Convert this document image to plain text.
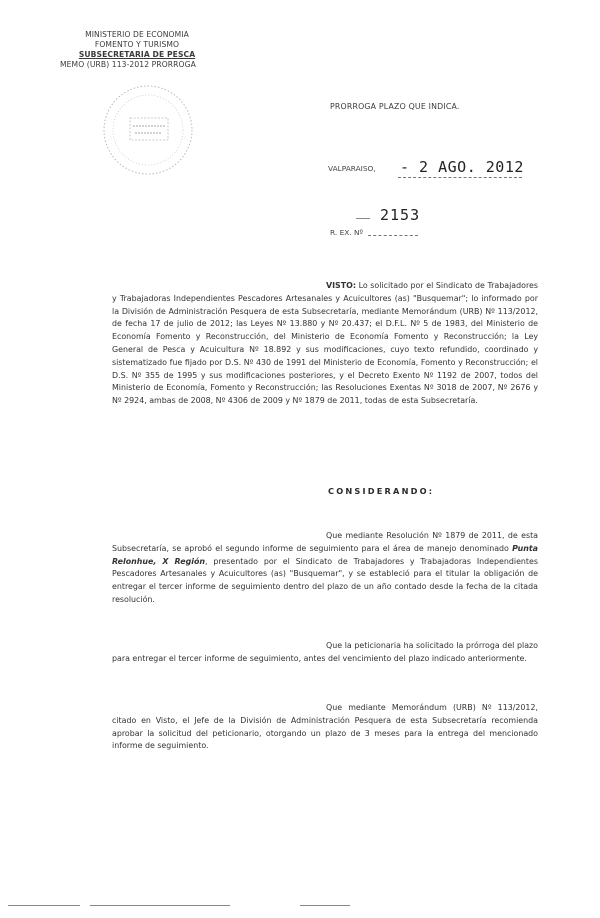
MINISTERIO DE ECONOMIA
FOMENTO Y TURISMO
SUBSECRETARIA DE PESCA
MEMO (URB) 113-2012 PRORROGA
PRORROGA PLAZO QUE INDICA.
VALPARAISO, - 2 AGO. 2012
2153
R. EX. Nº
VISTO: Lo solicitado por el Sindicato de Trabajadores y Trabajadoras Independientes Pescadores Artesanales y Acuicultores (as) "Busquemar"; lo informado por la División de Administración Pesquera de esta Subsecretaría, mediante Memorándum (URB) Nº 113/2012, de fecha 17 de julio de 2012; las Leyes Nº 13.880 y Nº 20.437; el D.F.L. Nº 5 de 1983, del Ministerio de Economía Fomento y Reconstrucción, del Ministerio de Economía Fomento y Reconstrucción; la Ley General de Pesca y Acuicultura Nº 18.892 y sus modificaciones, cuyo texto refundido, coordinado y sistematizado fue fijado por D.S. Nº 430 de 1991 del Ministerio de Economía, Fomento y Reconstrucción; el D.S. Nº 355 de 1995 y sus modificaciones posteriores, y el Decreto Exento Nº 1192 de 2007, todos del Ministerio de Economía, Fomento y Reconstrucción; las Resoluciones Exentas Nº 3018 de 2007, Nº 2676 y Nº 2924, ambas de 2008, Nº 4306 de 2009 y Nº 1879 de 2011, todas de esta Subsecretaría.
CONSIDERANDO:
Que mediante Resolución Nº 1879 de 2011, de esta Subsecretaría, se aprobó el segundo informe de seguimiento para el área de manejo denominado Punta Relonhue, X Región, presentado por el Sindicato de Trabajadores y Trabajadoras Independientes Pescadores Artesanales y Acuicultores (as) "Busquemar", y se estableció para el titular la obligación de entregar el tercer informe de seguimiento dentro del plazo de un año contado desde la fecha de la citada resolución.
Que la peticionaria ha solicitado la prórroga del plazo para entregar el tercer informe de seguimiento, antes del vencimiento del plazo indicado anteriormente.
Que mediante Memorándum (URB) Nº 113/2012, citado en Visto, el Jefe de la División de Administración Pesquera de esta Subsecretaría recomienda aprobar la solicitud del peticionario, otorgando un plazo de 3 meses para la entrega del mencionado informe de seguimiento.
